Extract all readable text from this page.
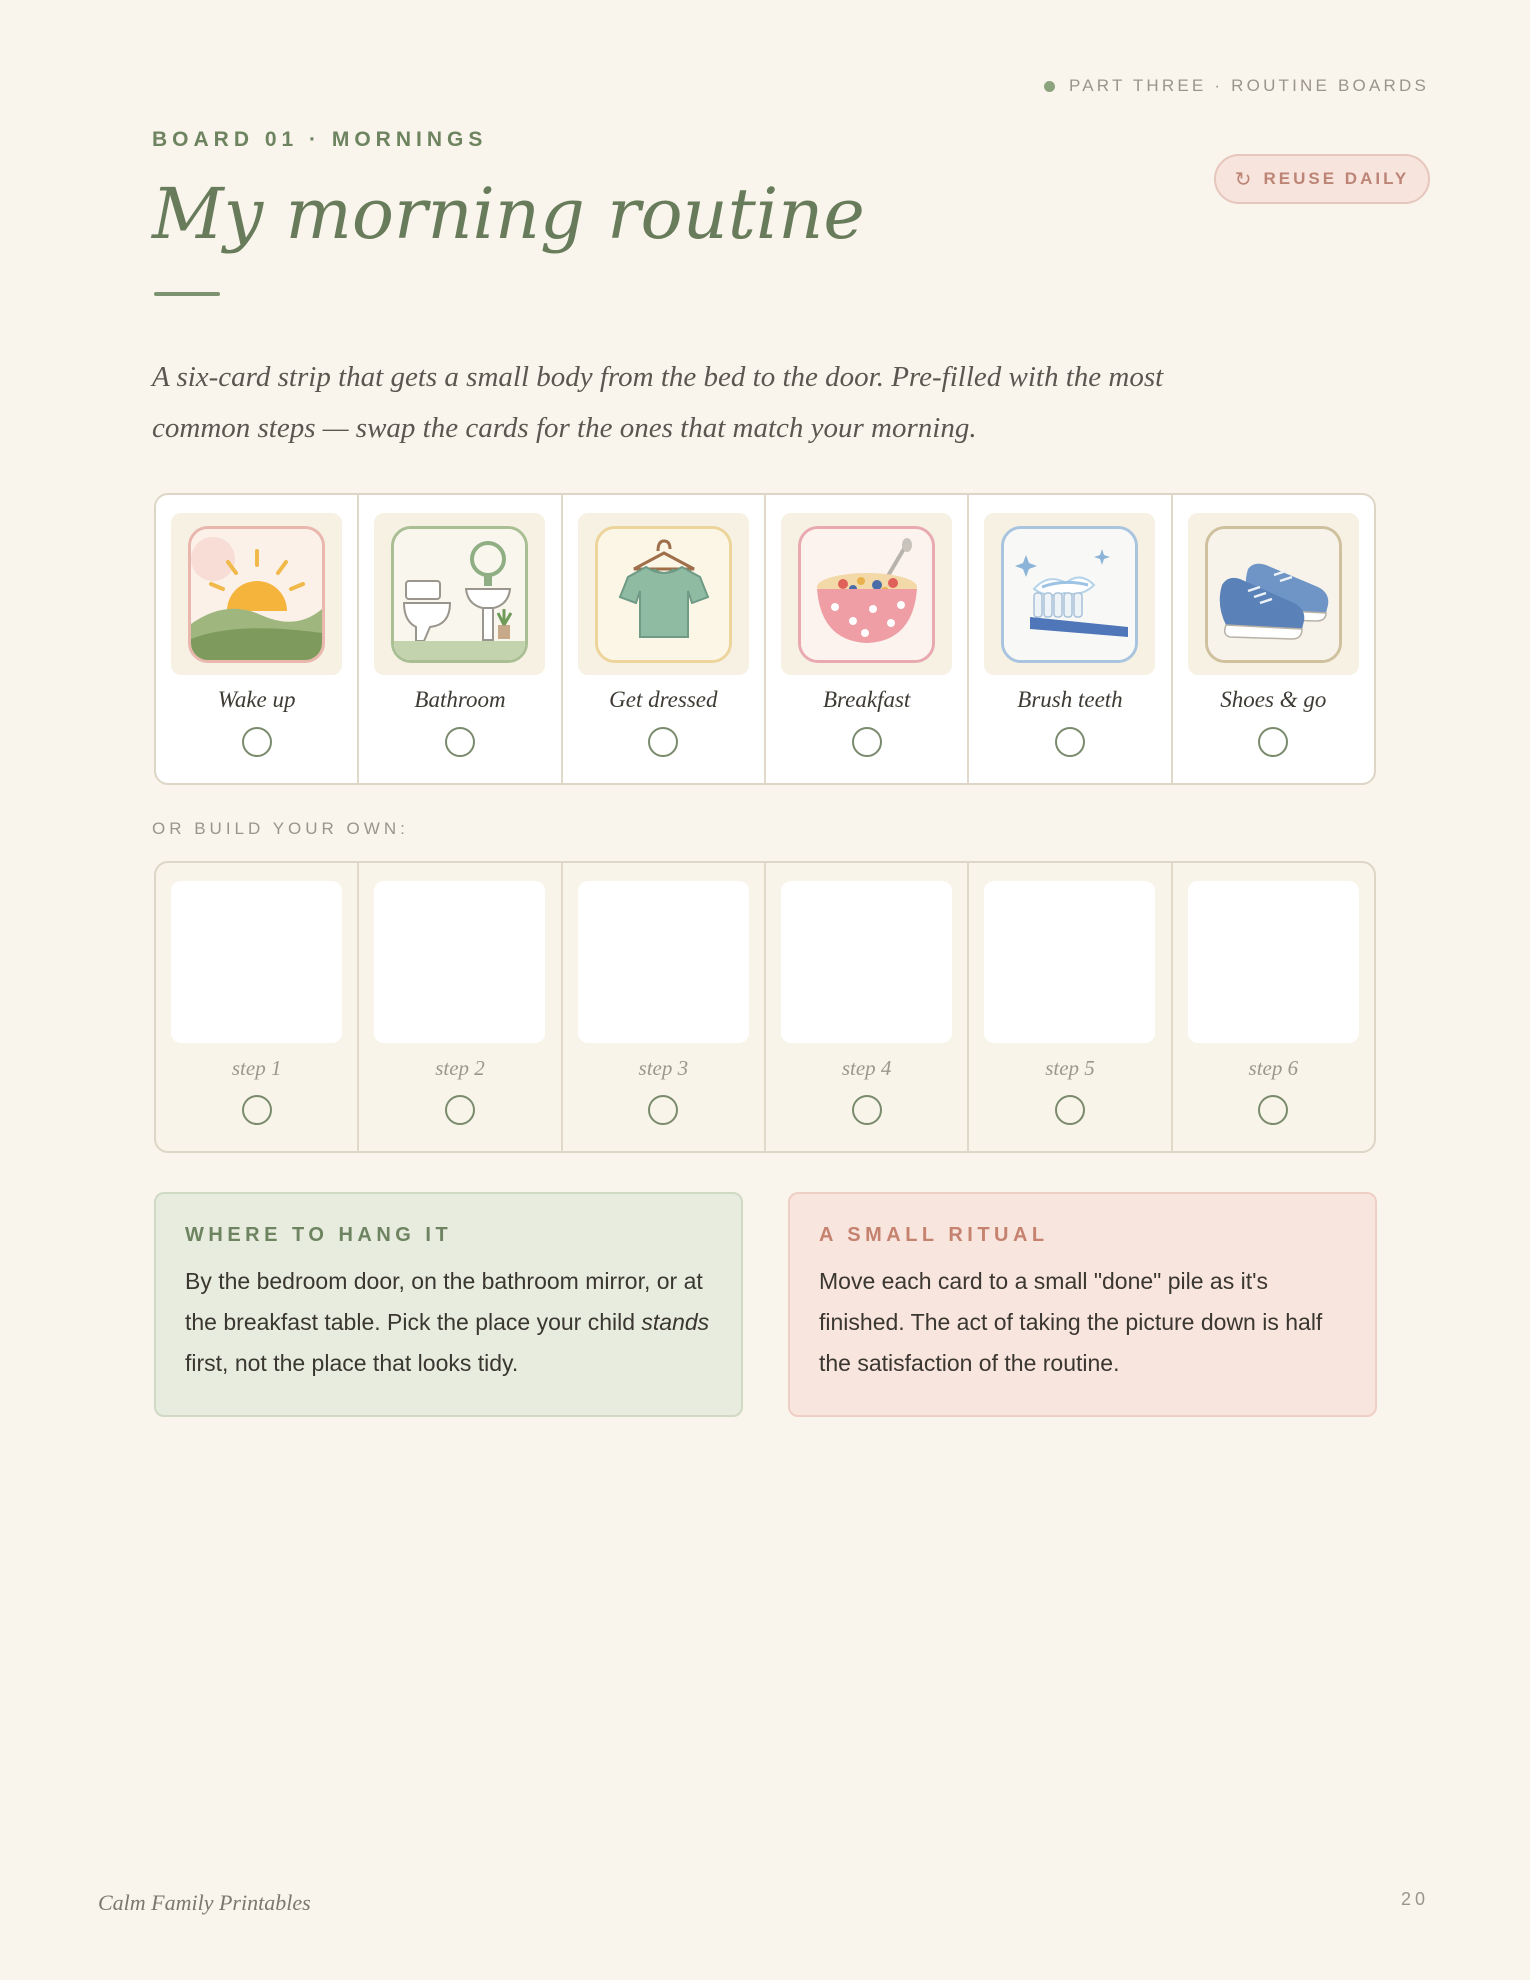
PART THREE · ROUTINE BOARDS
BOARD 01 · MORNINGS
↻ REUSE DAILY
My morning routine
A six-card strip that gets a small body from the bed to the door. Pre-filled with the most common steps — swap the cards for the ones that match your morning.
Wake up	Bathroom	Get dressed	Breakfast	Brush teeth	Shoes & go
OR BUILD YOUR OWN:
step 1	step 2	step 3	step 4	step 5	step 6
WHERE TO HANG IT
By the bedroom door, on the bathroom mirror, or at the breakfast table. Pick the place your child stands first, not the place that looks tidy.
A SMALL RITUAL
Move each card to a small "done" pile as it's finished. The act of taking the picture down is half the satisfaction of the routine.
Calm Family Printables	20
